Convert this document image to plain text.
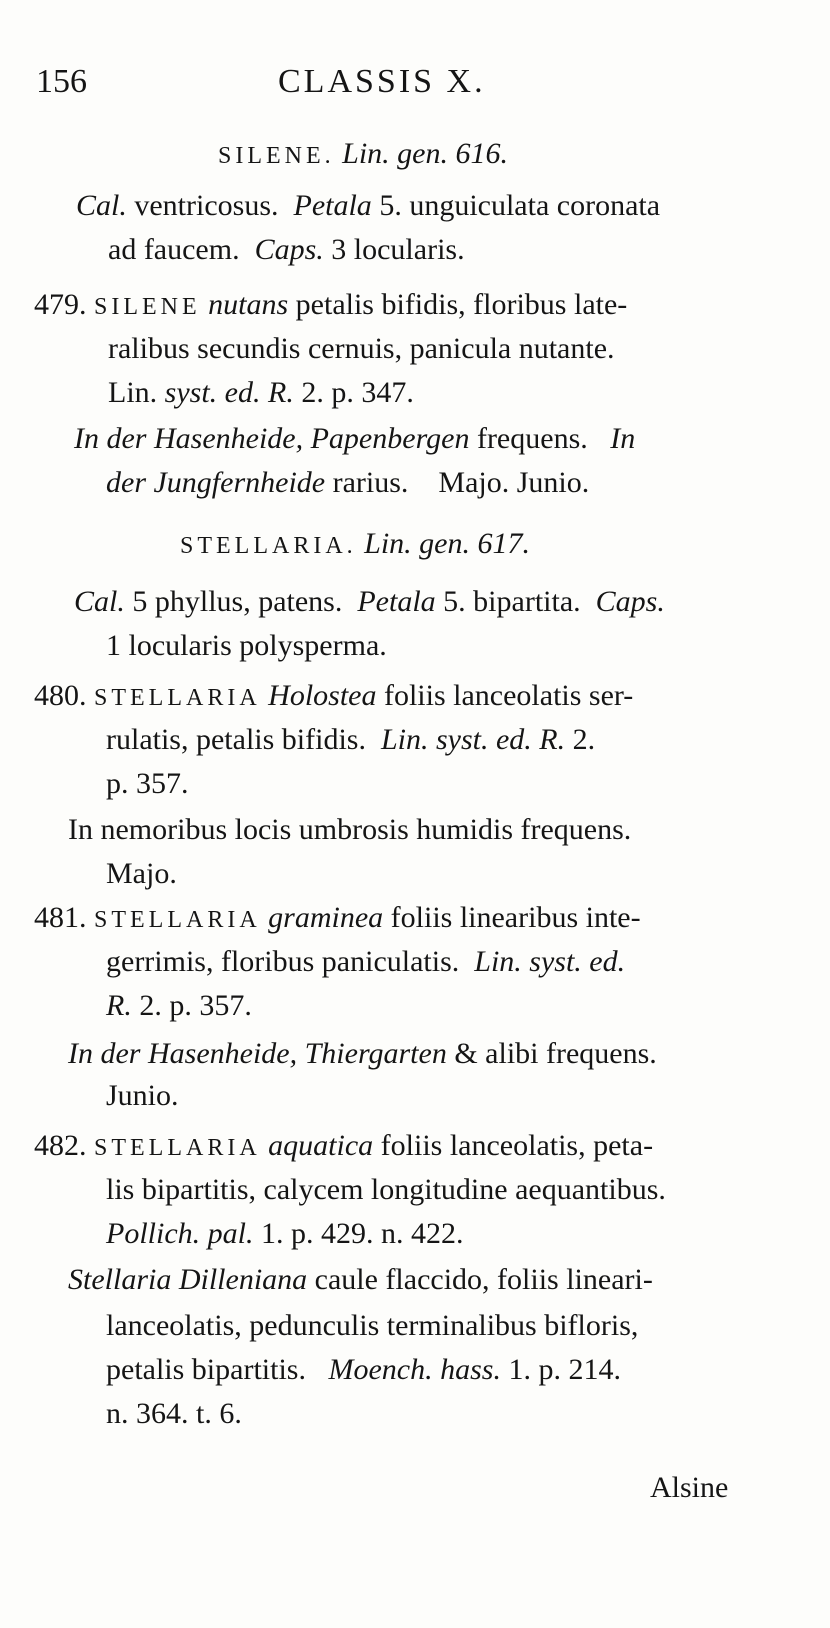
156	CLASSIS X.
SILENE. Lin. gen. 616.
Cal. ventricosus. Petala 5. unguiculata coronata
ad faucem. Caps. 3 locularis.
479. SILENE nutans petalis bifidis, floribus late-
ralibus secundis cernuis, panicula nutante.
Lin. syst. ed. R. 2. p. 347.
In der Hasenheide, Papenbergen frequens.   In
der Jungfernheide rarius.    Majo. Junio.
STELLARIA. Lin. gen. 617.
Cal. 5 phyllus, patens. Petala 5. bipartita. Caps.
1 locularis polysperma.
480. STELLARIA Holostea foliis lanceolatis ser-
rulatis, petalis bifidis. Lin. syst. ed. R. 2.
p. 357.
In nemoribus locis umbrosis humidis frequens.
Majo.
481. STELLARIA graminea foliis linearibus inte-
gerrimis, floribus paniculatis. Lin. syst. ed.
R. 2. p. 357.
In der Hasenheide, Thiergarten & alibi frequens.
Junio.
482. STELLARIA aquatica foliis lanceolatis, peta-
lis bipartitis, calycem longitudine aequantibus.
Pollich. pal. 1. p. 429. n. 422.
Stellaria Dilleniana caule flaccido, foliis lineari-
lanceolatis, pedunculis terminalibus bifloris,
petalis bipartitis.   Moench. hass. 1. p. 214.
n. 364. t. 6.
Alsine
